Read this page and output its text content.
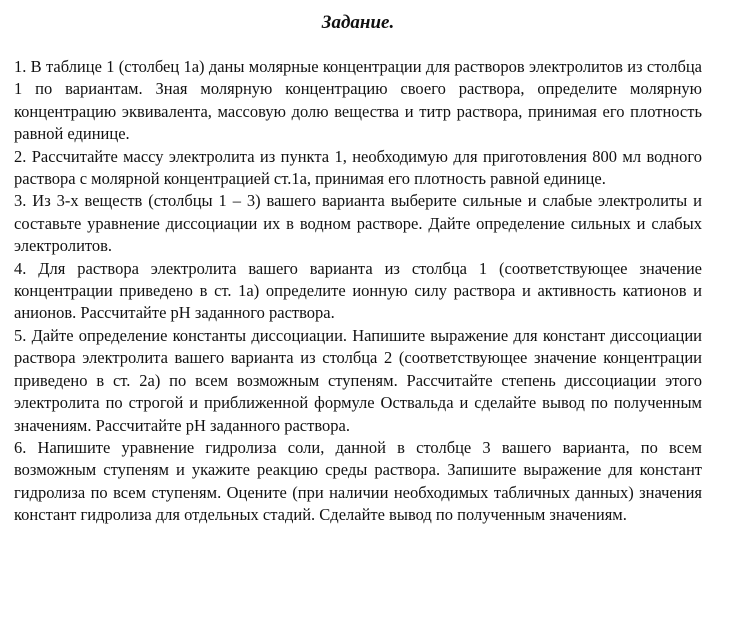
Задание.

1. В таблице 1 (столбец 1а) даны молярные концентрации для растворов электролитов из столбца 1 по вариантам. Зная молярную концентрацию своего раствора, определите молярную концентрацию эквивалента, массовую долю вещества и титр раствора, принимая его плотность равной единице.

2. Рассчитайте массу электролита из пункта 1, необходимую для приготовления 800 мл водного раствора с молярной концентрацией ст.1а, принимая его плотность равной единице.

3. Из 3-х веществ (столбцы 1 – 3) вашего варианта выберите сильные и слабые электролиты и составьте уравнение диссоциации их в водном растворе. Дайте определение сильных и слабых электролитов.

4. Для раствора электролита вашего варианта из столбца 1 (соответствующее значение концентрации приведено в ст. 1а) определите ионную силу раствора и активность катионов и анионов. Рассчитайте рН заданного раствора.

5. Дайте определение константы диссоциации. Напишите выражение для констант диссоциации раствора электролита вашего варианта из столбца 2 (соответствующее значение концентрации приведено в ст. 2а) по всем возможным ступеням. Рассчитайте степень диссоциации этого электролита по строгой и приближенной формуле Оствальда и сделайте вывод по полученным значениям. Рассчитайте рН заданного раствора.

6. Напишите уравнение гидролиза соли, данной в столбце 3 вашего варианта, по всем возможным ступеням и укажите реакцию среды раствора. Запишите выражение для констант гидролиза по всем ступеням. Оцените (при наличии необходимых табличных данных) значения констант гидролиза для отдельных стадий. Сделайте вывод по полученным значениям.
